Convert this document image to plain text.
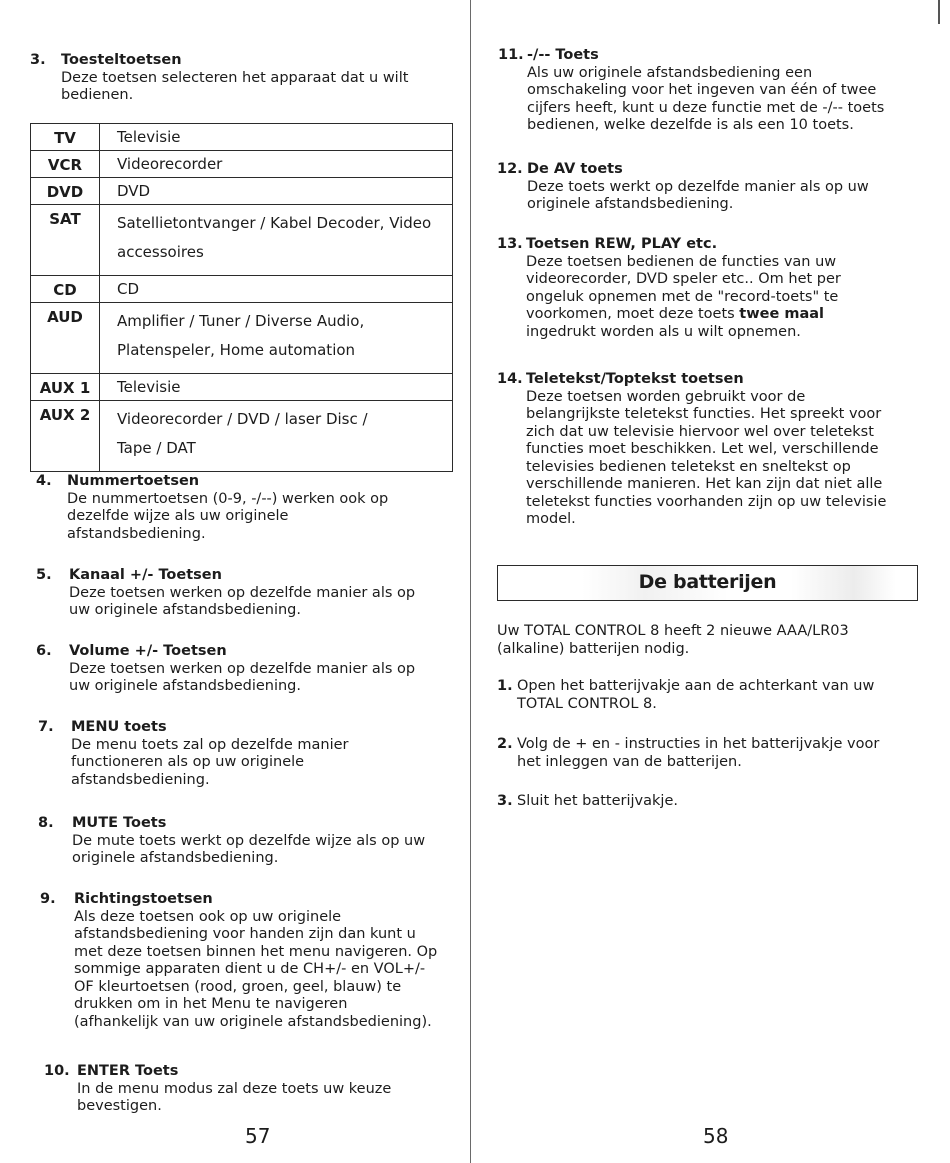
3. Toesteltoetsen

Deze toetsen selecteren het apparaat dat u wilt

bedienen.

TV	Televisie

VCR	Videorecorder

DVD	DVD

SAT	Satellietontvanger / Kabel Decoder, Video
accessoires

CD	CD

AUD	Amplifier / Tuner / Diverse Audio,
Platenspeler, Home automation

AUX 1	Televisie

AUX 2	Videorecorder / DVD / laser Disc /
Tape / DAT
4. Nummertoetsen

De nummertoetsen (0-9, -/--) werken ook op

dezelfde wijze als uw originele

afstandsbediening.

5. Kanaal +/- Toetsen

Deze toetsen werken op dezelfde manier als op

uw originele afstandsbediening.

6. Volume +/- Toetsen

Deze toetsen werken op dezelfde manier als op

uw originele afstandsbediening.

7. MENU toets

De menu toets zal op dezelfde manier

functioneren als op uw originele

afstandsbediening.

8. MUTE Toets

De mute toets werkt op dezelfde wijze als op uw

originele afstandsbediening.

9. Richtingstoetsen

Als deze toetsen ook op uw originele

afstandsbediening voor handen zijn dan kunt u

met deze toetsen binnen het menu navigeren. Op

sommige apparaten dient u de CH+/- en VOL+/-

OF kleurtoetsen (rood, groen, geel, blauw) te

drukken om in het Menu te navigeren

(afhankelijk van uw originele afstandsbediening).

10. ENTER Toets

In de menu modus zal deze toets uw keuze

bevestigen.

57
11. -/-- Toets

Als uw originele afstandsbediening een

omschakeling voor het ingeven van één of twee

cijfers heeft, kunt u deze functie met de -/-- toets

bedienen, welke dezelfde is als een 10 toets.

12. De AV toets

Deze toets werkt op dezelfde manier als op uw

originele afstandsbediening.

13. Toetsen REW, PLAY etc.

Deze toetsen bedienen de functies van uw

videorecorder, DVD speler etc.. Om het per

ongeluk opnemen met de "record-toets" te

voorkomen, moet deze toets twee maal

ingedrukt worden als u wilt opnemen.

14. Teletekst/Toptekst toetsen

Deze toetsen worden gebruikt voor de

belangrijkste teletekst functies. Het spreekt voor

zich dat uw televisie hiervoor wel over teletekst

functies moet beschikken. Let wel, verschillende

televisies bedienen teletekst en sneltekst op

verschillende manieren. Het kan zijn dat niet alle

teletekst functies voorhanden zijn op uw televisie

model.

De batterijen

Uw TOTAL CONTROL 8 heeft 2 nieuwe AAA/LR03

(alkaline) batterijen nodig.

1. Open het batterijvakje aan de achterkant van uw
TOTAL CONTROL 8.
2. Volg de + en - instructies in het batterijvakje voor
het inleggen van de batterijen.
3. Sluit het batterijvakje.
58
